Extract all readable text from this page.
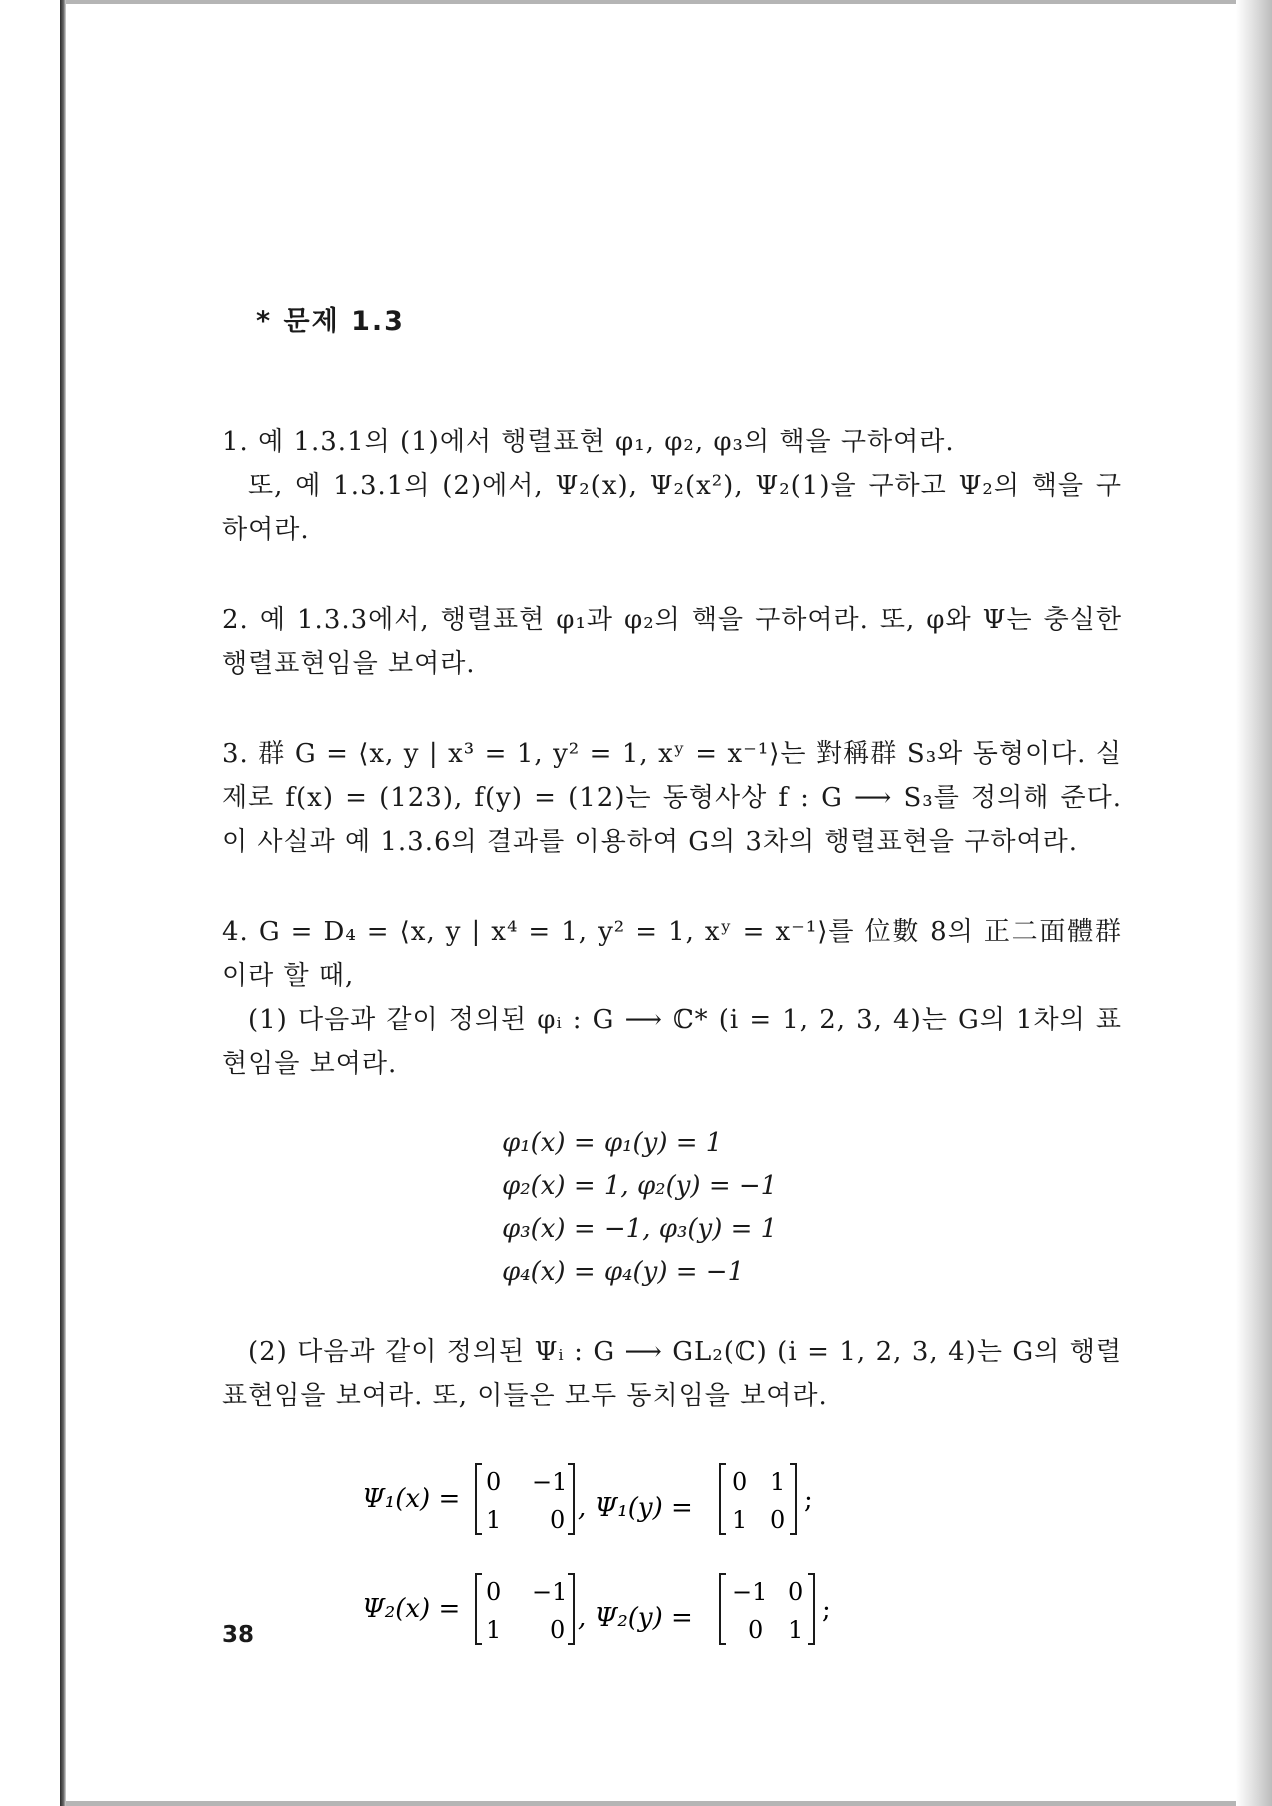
* 문제 1.3

1. 예 1.3.1의 (1)에서 행렬표현 φ₁, φ₂, φ₃의 핵을 구하여라.

또, 예 1.3.1의 (2)에서, Ψ₂(x), Ψ₂(x²), Ψ₂(1)을 구하고 Ψ₂의 핵을 구하여라.

2. 예 1.3.3에서, 행렬표현 φ₁과 φ₂의 핵을 구하여라. 또, φ와 Ψ는 충실한 행렬표현임을 보여라.

3. 群 G = ⟨x, y | x³ = 1, y² = 1, xʸ = x⁻¹⟩는 對稱群 S₃와 동형이다. 실제로 f(x) = (123), f(y) = (12)는 동형사상 f : G ⟶ S₃를 정의해 준다. 이 사실과 예 1.3.6의 결과를 이용하여 G의 3차의 행렬표현을 구하여라.

4. G = D₄ = ⟨x, y | x⁴ = 1, y² = 1, xʸ = x⁻¹⟩를 位數 8의 正二面體群이라 할 때,

(1) 다음과 같이 정의된 φᵢ : G ⟶ ℂ* (i = 1, 2, 3, 4)는 G의 1차의 표현임을 보여라.

φ₁(x) = φ₁(y) = 1
φ₂(x) = 1, φ₂(y) = −1
φ₃(x) = −1, φ₃(y) = 1
φ₄(x) = φ₄(y) = −1

(2) 다음과 같이 정의된 Ψᵢ : G ⟶ GL₂(ℂ) (i = 1, 2, 3, 4)는 G의 행렬표현임을 보여라. 또, 이들은 모두 동치임을 보여라.

Ψ₁(x) =
0 −1
1 0 , Ψ₁(y) =
0 1
1 0
;
Ψ₂(x) =
0 −1
1 0 , Ψ₂(y) =
−1 0
0 1
;
38
